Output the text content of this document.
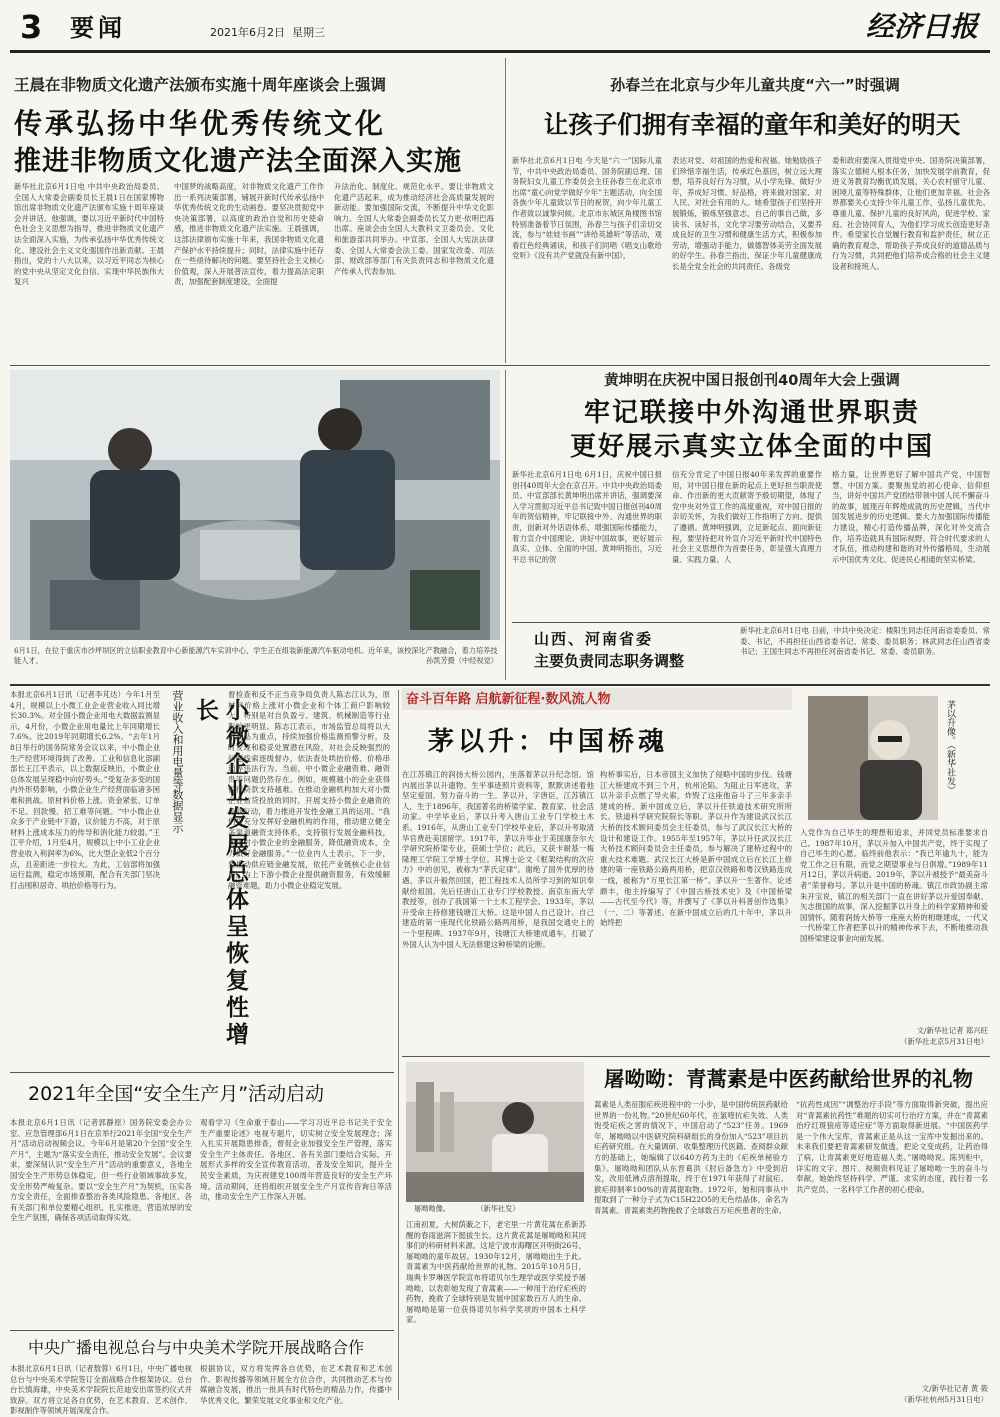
3 要闻	2021年6月2日 星期三	经济日报
王晨在非物质文化遗产法颁布实施十周年座谈会上强调
传承弘扬中华优秀传统文化
推进非物质文化遗产法全面深入实施

新华社北京6月1日电 中共中央政治局委员、全国人大常委会副委员长王晨1日在国家博物馆出席非物质文化遗产法颁布实施十周年座谈会并讲话。他强调，要以习近平新时代中国特色社会主义思想为指导，推进非物质文化遗产法全面深入实施，为传承弘扬中华优秀传统文化、建设社会主义文化强国作出新贡献。王晨指出，党的十八大以来，以习近平同志为核心的党中央从坚定文化自信、实现中华民族伟大复兴

中国梦的战略高度，对非物质文化遗产工作作出一系列决策部署，铺展开新时代传承弘扬中华优秀传统文化的生动画卷。要坚决贯彻党中央决策部署，以高度的政治自觉和历史使命感，推进非物质文化遗产法实施。王晨强调，这部法律颁布实施十年来，我国非物质文化遗产保护水平持续提升；同时，法律实施中还存在一些亟待解决的问题。要坚持社会主义核心价值观，深入开展普法宣传，着力提高法定职责，加强配套制度建设，全面提

升法治化、制度化、规范化水平。要让非物质文化遗产活起来，成为推动经济社会高质量发展的新动能。要加强国际交流，不断提升中华文化影响力。全国人大常委会副委员长艾力更·依明巴海出席。座谈会由全国人大教科文卫委员会、文化和旅游部共同举办。中宣部、全国人大宪法法律委、全国人大常委会法工委、国家发改委、司法部、财政部等部门有关负责同志和非物质文化遗产传承人代表参加。

孙春兰在北京与少年儿童共度“六一”时强调
让孩子们拥有幸福的童年和美好的明天

新华社北京6月1日电 今天是“六一”国际儿童节，中共中央政治局委员、国务院副总理、国务院妇女儿童工作委员会主任孙春兰在北京市出席“童心向党学做好少年”主题活动，向全国各族少年儿童致以节日的祝贺，向少年儿童工作者致以诚挚问候。北京市东城区角楼图书馆特别准备着节日氛围，孙春兰与孩子们亲切交流，参与“娃娃书画”“讲给英雄听”等活动，观看红色经典诵读，和孩子们同唱《唱支山歌给党听》《没有共产党就没有新中国》，

表达对党、对祖国的热爱和祝福。她勉励孩子们珍惜幸福生活，传承红色基因，树立远大理想，培养良好行为习惯，从小学先锋、做好少年，养成好习惯、好品格，将来做对国家、对人民、对社会有用的人。她希望孩子们坚持开展锻炼，锻炼坚强意志，自己的事自己做，多读书、读好书，文化学习要劳动结合，又要养成良好的卫生习惯和健康生活方式，积极参加劳动，增强动手能力，做德智体美劳全面发展的好学生。孙春兰指出，保证少年儿童健康成长是全党全社会的共同责任。各级党

委和政府要深入贯彻党中央、国务院决策部署，落实立德树人根本任务，加快发展学前教育，促进义务教育均衡优质发展，关心农村留守儿童、困境儿童等特殊群体，让他们更加幸福。社会各界都要关心支持少年儿童工作，弘扬儿童优先、尊重儿童、保护儿童的良好风尚，促进学校、家庭、社会协同育人，为他们学习成长创造更好条件。希望家长自觉履行教育和监护责任，树立正确的教育观念，帮助孩子养成良好的道德品质与行为习惯，共同把他们培养成合格的社会主义建设者和接班人。

6月1日，在位于重庆市沙坪坝区的立信职业教育中心新能源汽车实训中心，学生正在组装新能源汽车驱动电机。近年来，该校深化产教融合，着力培养技能人才。	孙凯芳摄（中经视觉）
黄坤明在庆祝中国日报创刊40周年大会上强调
牢记联接中外沟通世界职责
更好展示真实立体全面的中国

新华社北京6月1日电 6月1日，庆祝中国日报创刊40周年大会在京召开。中共中央政治局委员、中宣部部长黄坤明出席并讲话，强调要深入学习贯彻习近平总书记致中国日报创刊40周年的贺信精神，牢记联接中外、沟通世界的职责，创新对外话语体系，增强国际传播能力，着力宣介中国理论、讲好中国故事，更好展示真实、立体、全面的中国。黄坤明指出，习近平总书记的贺

信充分肯定了中国日报40年来发挥的重要作用，对中国日报在新的起点上更好担当职责使命、作出新的更大贡献寄予殷切期望，体现了党中央对外宣工作的高度重视，对中国日报的亲切关怀，为我们做好工作指明了方向、提供了遵循。黄坤明强调，立足新起点、面向新征程，要坚持把对外宣介习近平新时代中国特色社会主义思想作为首要任务，彰显强大真理力量、实践力量、人

格力量，让世界更好了解中国共产党、中国智慧、中国方案。要聚焦党的初心使命、信仰担当，讲好中国共产党团结带领中国人民不懈奋斗的故事，展现百年辉煌成就的历史逻辑，当代中国发展进步的历史逻辑。要大力加强国际传播能力建设，精心打造传播品牌，深化对外交流合作，培养造就具有国际视野、符合时代要求的人才队伍，推动构建和谐的对外传播格局，生动展示中国优秀文化、促进民心相通的坚实桥梁。

山西、河南省委
主要负责同志职务调整

新华社北京6月1日电 日前，中共中央决定：楼阳生同志任河南省委委员、常委、书记，不再担任山西省委书记、常委、委员职务；林武同志任山西省委书记；王国生同志不再担任河南省委书记、常委、委员职务。

本报北京6月1日讯（记者李芃达）今年1月至4月，规模以上小微工业企业营业收入同比增长30.3%。对全国小微企业用电大数据监测显示，4月份，小微企业用电量比上年同期增长7.6%。比2019年同期增长6.2%。“去年1月8日举行的国务院常务会议以来，中小微企业生产经营环境得到了改善。工业和信息化部副部长王江平表示，以上数据反映出，小微企业总体发展呈现稳中向好势头。”受复杂多变的国内外形势影响，小微企业生产经营面临诸多困难和挑战。原材料价格上涨、资金紧张、订单不足、回款慢、招工难等问题。“中小微企业众多于产业链中下游，议价能力不高，对于原材料上涨成本压力的传导和消化能力较弱。”王江平介绍，1月至4月，规模以上中小工业企业营业收入利润率为6%，比大型企业低2个百分点，且差距进一步拉大。为此，工信部将加强运行监测，稳定市场预期，配合有关部门坚决打击囤积居奇、哄抬价格等行为。

营业收入和用电量等数据显示	小微企业发展总体呈恢复性增长

督检查和反不正当竞争局负责人陈志江认为，原材料价格上涨对小微企业和个体工商户影响较大，特别是对自负盈亏、建筑、机械制造等行业影响更明显。陈志江表示，市场监管总局将以大宗商品为重点，持续加强价格监测预警分析，及时发现和稳妥处置潜在风险，对社会反映强烈的问题线索逐级督办，依法查处哄抬价格、价格串通等违法行为。当前，中小微企业融资难、融资贵等问题仍然存在。例如，规模越小的企业获得银行贷款支持越难。在推动金融机构加大对小微企业信贷投放的同时，开展支持小微企业融资的专项行动，着力推进开发性金融工具的运用。“我们将充分发挥好金融机构的作用，推动建立健全多渠道融资支持体系，支持银行发展金融科技，优化对小微企业的金融服务，降低融资成本，全力做好金融服务。”一位业内人士表示，下一步，要推动供应链金融发展，依托产业链核心企业信用，为上下游小微企业提供融资服务，有效缓解融资难题，助力小微企业稳定发展。

奋斗百年路 启航新征程·数风流人物
茅以升：中国桥魂

在江苏镇江的润扬大桥公园内，坐落着茅以升纪念馆。馆内展出茅以升遗物、生平事迹照片资料等，默默讲述着他坚定爱国、努力奋斗的一生。茅以升，字唐臣，江苏镇江人，生于1896年，我国著名的桥梁学家、教育家、社会活动家。中学毕业后，茅以升考入唐山工业专门学校土木系。1916年，从唐山工业专门学校毕业后，茅以升考取清华官费赴美国留学。1917年，茅以升毕业于美国康奈尔大学研究院桥梁专业，获硕士学位；此后，又获卡耐基一梅隆理工学院工学博士学位。其博士论文《框架结构的次应力》中的创见，被称为“茅氏定律”。谢绝了国外优厚的待遇，茅以升毅然回国，把工程技术人员所学习到的知识奉献给祖国。先后任唐山工业专门学校教授、南京东南大学教授等，创办了我国第一个土木工程学会。1933年，茅以升受命主持修建钱塘江大桥。这是中国人自己设计、自己建造的第一座现代化铁路公路两用桥，是我国交通史上的一个里程碑。1937年9月，钱塘江大桥建成通车，打破了外国人认为中国人无法修建这种桥梁的论断。

构桥事实后，日本帝国主义加快了侵略中国的步伐。钱塘江大桥建成不到三个月，杭州沦陷。为阻止日军进攻，茅以升亲手点燃了导火索，炸毁了这座他奋斗了三年多亲手建成的桥。新中国成立后，茅以升任铁道技术研究所所长、铁道科学研究院院长等职。茅以升作为建设武汉长江大桥的技术顾问委员会主任委员，参与了武汉长江大桥的设计和建设工作。1955年至1957年，茅以升任武汉长江大桥技术顾问委员会主任委员，参与解决了建桥过程中的重大技术难题。武汉长江大桥是新中国成立后在长江上修建的第一座铁路公路两用桥，把京汉铁路和粤汉铁路连成一线，被称为“万里长江第一桥”。茅以升一生著作、论述颇丰，他主持编写了《中国古桥技术史》及《中国桥梁——古代至今代》等，并撰写了《茅以升科普创作选集》（一、二）等著述。在新中国成立后的几十年中，茅以升始终把

茅以升像。（新华社发）

入党作为自己毕生的理想和追求，并同党员标准要求自己。1987年10月，茅以升加入中国共产党，终于实现了自己毕生的心愿。临终前他表示：“我已年逾九十，能为党工作之日有限，而党之期望事业与日俱增。”1989年11月12日，茅以升病逝。2019年，茅以升被授予“最美奋斗者”荣誉称号。茅以升是中国的桥魂。镇江市政协副主席朱开宝说，镇江的相关部门一直在讲好茅以升爱国奉献、矢志报国的故事，深入挖掘茅以升身上的科学家精神和爱国情怀。随着润扬大桥等一座座大桥的相继建成，一代又一代桥梁工作者把茅以升的精神传承下去，不断地推动我国桥梁建设事业向前发展。

文/新华社记者 郑兴旺
（新华社北京5月31日电）
2021年全国“安全生产月”活动启动

本报北京6月1日讯（记者郭静原）国务院安委会办公室、应急管理部6月1日在京举行2021年全国“安全生产月”活动启动视频会议。今年6月是第20个全国“安全生产月”，主题为“落实安全责任，推动安全发展”。会议要求，要深刻认识“安全生产月”活动的重要意义，各地全国安全生产形势总体稳定，但一些行业领域事故多发，安全形势严峻复杂。要以“安全生产月”为契机，压实各方安全责任，全面排查整治各类风险隐患。各地区、各有关部门和单位要精心组织、扎实推进，营造浓厚的安全生产氛围，确保各项活动取得实效。

观看学习《生命重于泰山——学习习近平总书记关于安全生产重要论述》电视专题片，切实树立安全发展理念；深入扎实开展隐患排查，督促企业加强安全生产管理，落实安全生产主体责任。各地区、各有关部门要结合实际，开展形式多样的安全宣传教育活动，普及安全知识，提升全民安全素质，为庆祝建党100周年营造良好的安全生产环境。活动期间，还将组织开展安全生产月宣传咨询日等活动，推动安全生产工作深入开展。

中央广播电视总台与中央美术学院开展战略合作

本报北京6月1日讯（记者敖蓉）6月1日，中央广播电视总台与中央美术学院签订全面战略合作框架协议。总台台长慎海雄，中央美术学院院长范迪安出席签约仪式并致辞。双方将立足各自优势，在艺术教育、艺术创作、影视制作等领域开展深度合作。

根据协议，双方将发挥各自优势，在艺术教育和艺术创作、影视传播等领域开展全方位合作，共同推动艺术与传媒融合发展，推出一批具有时代特色的精品力作，传播中华优秀文化，繁荣发展文化事业和文化产业。

屠呦呦像。	（新华社发）
屠呦呦：青蒿素是中医药献给世界的礼物

江南初夏，大树荫蔽之下，老宅里一片黄花蒿在系新苏醒的春雨滋润下挺拔生长。这片黄花蒿是屠呦呦和其同事们的科研材料来源。这是宁波市海曙区开明街26号，屠呦呦的童年故居。1930年12月，屠呦呦出生于此。青蒿素为中医药献给世界的礼物。2015年10月5日，瑞典卡罗琳医学院宣布将诺贝尔生理学或医学奖授予屠呦呦，以表彰她发现了青蒿素——一种用于治疗疟疾的药物，挽救了全球特别是发展中国家数百万人的生命。屠呦呦是第一位获得诺贝尔科学奖项的中国本土科学家。

蒿素是人类征服疟疾进程中的一小步，是中国传统医药献给世界的一份礼物。”20世纪60年代，在氯喹抗疟失效、人类饱受疟疾之害的情况下，中国启动了“523”任务。1969年，屠呦呦以中医研究院科研组长的身份加入“523”项目抗疟药研究组。在大量调研、收集整理历代医籍、查阅群众献方的基础上，她编辑了以640方药为主的《疟疾单秘验方集》。屠呦呦和团队从东晋葛洪《肘后备急方》中受到启发，改用低沸点溶剂提取，终于在1971年获得了对鼠疟、猴疟抑制率100%的青蒿提取物。1972年，她和同事从中提取到了一种分子式为C15H22O5的无色结晶体，命名为青蒿素。青蒿素类药物挽救了全球数百万疟疾患者的生命。

“抗药性成因”“调整治疗手段”等方面取得新突破，提出应对“青蒿素抗药性”难题的切实可行治疗方案，并在“青蒿素治疗红斑狼疮等适应症”等方面取得新进展。“中国医药学是一个伟大宝库，青蒿素正是从这一宝库中发掘出来的。未来我们要把青蒿素研发做透，把论文变成药，让药治得了病，让青蒿素更好地造福人类。”屠呦呦说。陈列柜中，详实的文字、图片、视频资料见证了屠呦呦一生的奋斗与奉献。她始终坚持科学、严谨、求实的态度，践行着一名共产党员、一名科学工作者的初心使命。

文/新华社记者 黄 筱
（新华社杭州5月31日电）
